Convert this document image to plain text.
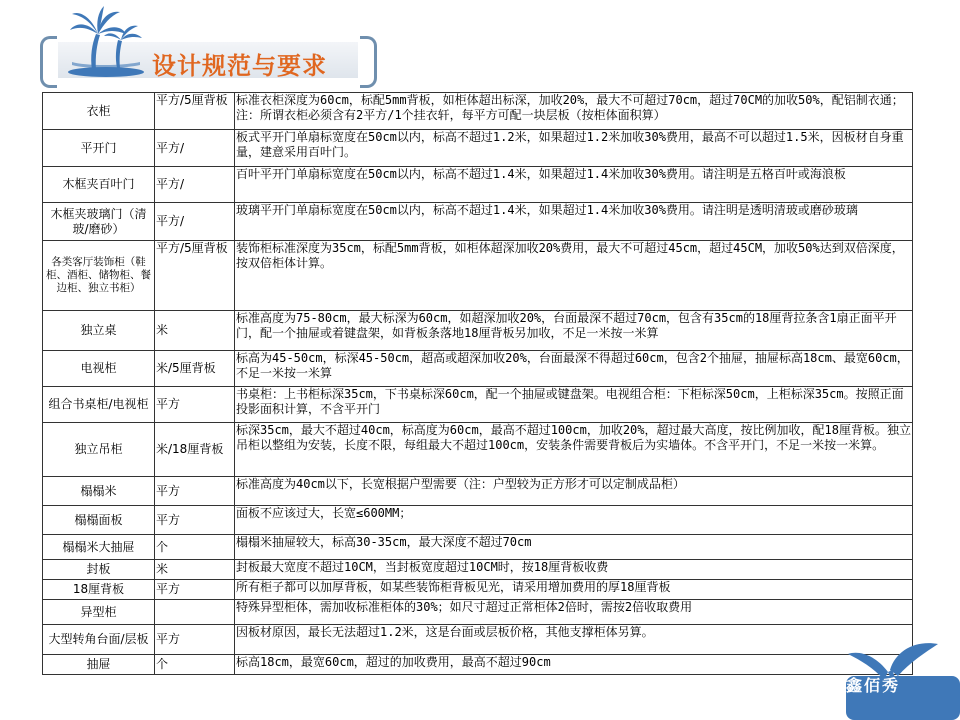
设计规范与要求
衣柜	平方/5厘背板	标准衣柜深度为60cm，标配5mm背板，如柜体超出标深，加收20%，最大不可超过70cm，超过70CM的加收50%，配铝制衣通；注：所谓衣柜必须含有2平方/1个挂衣轩，每平方可配一块层板（按柜体面积算）
平开门	平方/	板式平开门单扇标宽度在50cm以内，标高不超过1.2米，如果超过1.2米加收30%费用，最高不可以超过1.5米，因板材自身重量，建意采用百叶门。
木框夹百叶门	平方/	百叶平开门单扇标宽度在50cm以内，标高不超过1.4米，如果超过1.4米加收30%费用。请注明是五格百叶或海浪板
木框夹玻璃门（清玻/磨砂）	平方/	玻璃平开门单扇标宽度在50cm以内，标高不超过1.4米，如果超过1.4米加收30%费用。请注明是透明清玻或磨砂玻璃
各类客厅装饰柜（鞋柜、酒柜、储物柜、餐边柜、独立书柜）	平方/5厘背板	装饰柜标准深度为35cm，标配5mm背板，如柜体超深加收20%费用，最大不可超过45cm，超过45CM，加收50%达到双倍深度，按双倍柜体计算。
独立桌	米	标准高度为75-80cm，最大标深为60cm，如超深加收20%，台面最深不超过70cm，包含有35cm的18厘背拉条含1扇正面平开门，配一个抽屉或着键盘架，如背板条落地18厘背板另加收，不足一米按一米算
电视柜	米/5厘背板	标高为45-50cm，标深45-50cm，超高或超深加收20%，台面最深不得超过60cm，包含2个抽屉，抽屉标高18cm、最宽60cm，不足一米按一米算
组合书桌柜/电视柜	平方	书桌柜：上书柜标深35cm，下书桌标深60cm，配一个抽屉或键盘架。电视组合柜：下柜标深50cm，上柜标深35cm。按照正面投影面积计算，不含平开门
独立吊柜	米/18厘背板	标深35cm，最大不超过40cm，标高度为60cm，最高不超过100cm，加收20%，超过最大高度，按比例加收，配18厘背板。独立吊柜以整组为安装，长度不限，每组最大不超过100cm，安装条件需要背板后为实墙体。不含平开门，不足一米按一米算。
榻榻米	平方	标准高度为40cm以下，长宽根据户型需要（注：户型较为正方形才可以定制成品柜）
榻榻面板	平方	面板不应该过大，长宽≤600MM；
榻榻米大抽屉	个	榻榻米抽屉较大，标高30-35cm，最大深度不超过70cm
封板	米	封板最大宽度不超过10CM，当封板宽度超过10CM时，按18厘背板收费
18厘背板	平方	所有柜子都可以加厚背板，如某些装饰柜背板见光，请采用增加费用的厚18厘背板
异型柜		特殊异型柜体，需加收标准柜体的30%；如尺寸超过正常柜体2倍时，需按2倍收取费用
大型转角台面/层板	平方	因板材原因，最长无法超过1.2米，这是台面或层板价格，其他支撑柜体另算。
抽屉	个	标高18cm，最宽60cm，超过的加收费用，最高不超过90cm
鑫佰秀
